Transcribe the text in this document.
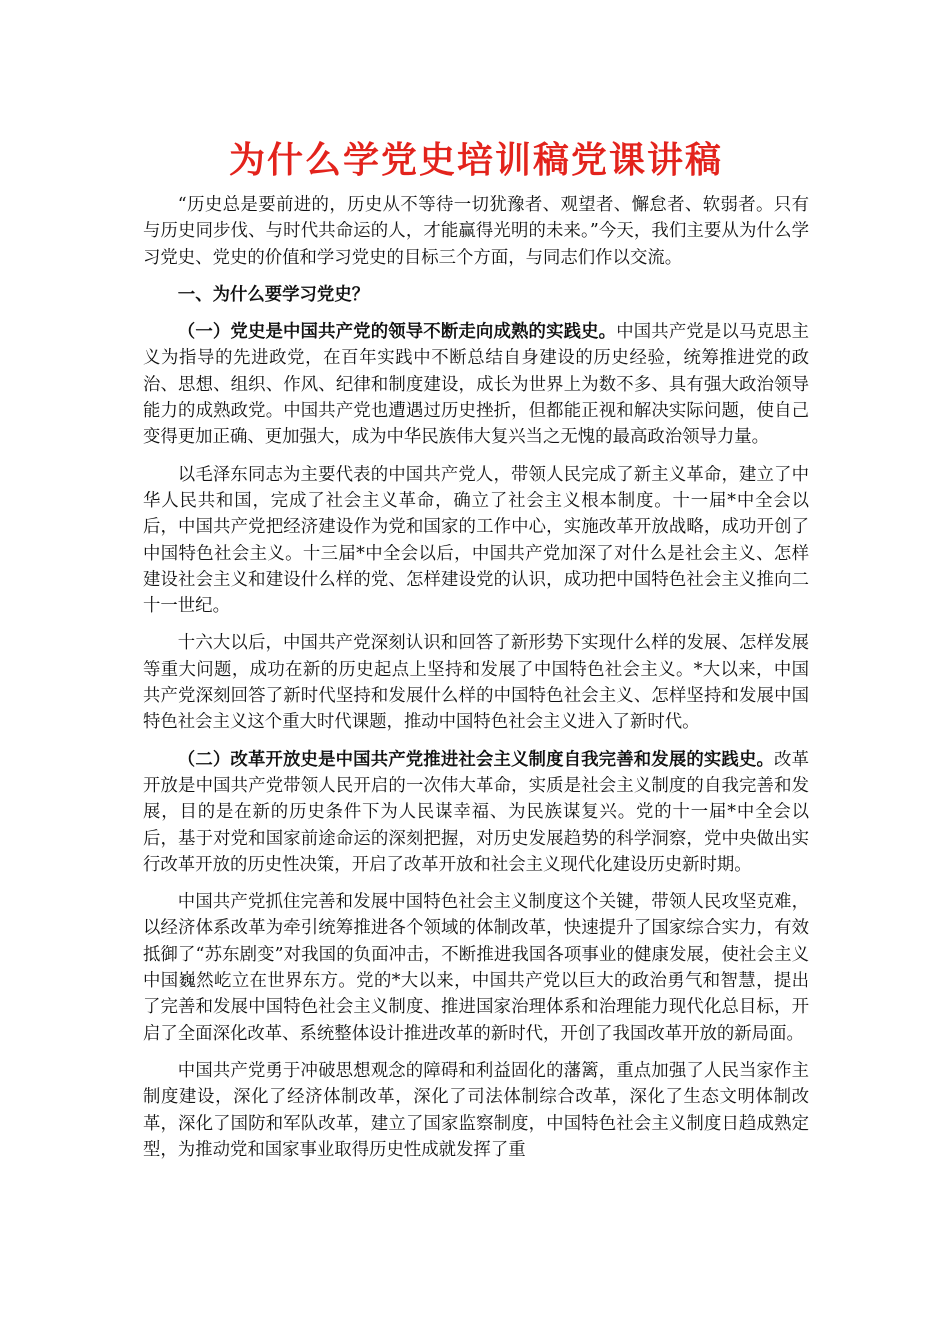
为什么学党史培训稿党课讲稿

“历史总是要前进的，历史从不等待一切犹豫者、观望者、懈怠者、软弱者。只有与历史同步伐、与时代共命运的人，才能赢得光明的未来。”今天，我们主要从为什么学习党史、党史的价值和学习党史的目标三个方面，与同志们作以交流。

一、为什么要学习党史？

（一）党史是中国共产党的领导不断走向成熟的实践史。中国共产党是以马克思主义为指导的先进政党，在百年实践中不断总结自身建设的历史经验，统筹推进党的政治、思想、组织、作风、纪律和制度建设，成长为世界上为数不多、具有强大政治领导能力的成熟政党。中国共产党也遭遇过历史挫折，但都能正视和解决实际问题，使自己变得更加正确、更加强大，成为中华民族伟大复兴当之无愧的最高政治领导力量。

以毛泽东同志为主要代表的中国共产党人，带领人民完成了新主义革命，建立了中华人民共和国，完成了社会主义革命，确立了社会主义根本制度。十一届*中全会以后，中国共产党把经济建设作为党和国家的工作中心，实施改革开放战略，成功开创了中国特色社会主义。十三届*中全会以后，中国共产党加深了对什么是社会主义、怎样建设社会主义和建设什么样的党、怎样建设党的认识，成功把中国特色社会主义推向二十一世纪。

十六大以后，中国共产党深刻认识和回答了新形势下实现什么样的发展、怎样发展等重大问题，成功在新的历史起点上坚持和发展了中国特色社会主义。*大以来，中国共产党深刻回答了新时代坚持和发展什么样的中国特色社会主义、怎样坚持和发展中国特色社会主义这个重大时代课题，推动中国特色社会主义进入了新时代。

（二）改革开放史是中国共产党推进社会主义制度自我完善和发展的实践史。改革开放是中国共产党带领人民开启的一次伟大革命，实质是社会主义制度的自我完善和发展，目的是在新的历史条件下为人民谋幸福、为民族谋复兴。党的十一届*中全会以后，基于对党和国家前途命运的深刻把握，对历史发展趋势的科学洞察，党中央做出实行改革开放的历史性决策，开启了改革开放和社会主义现代化建设历史新时期。

中国共产党抓住完善和发展中国特色社会主义制度这个关键，带领人民攻坚克难，以经济体系改革为牵引统筹推进各个领域的体制改革，快速提升了国家综合实力，有效抵御了“苏东剧变”对我国的负面冲击，不断推进我国各项事业的健康发展，使社会主义中国巍然屹立在世界东方。党的*大以来，中国共产党以巨大的政治勇气和智慧，提出了完善和发展中国特色社会主义制度、推进国家治理体系和治理能力现代化总目标，开启了全面深化改革、系统整体设计推进改革的新时代，开创了我国改革开放的新局面。

中国共产党勇于冲破思想观念的障碍和利益固化的藩篱，重点加强了人民当家作主制度建设，深化了经济体制改革，深化了司法体制综合改革，深化了生态文明体制改革，深化了国防和军队改革，建立了国家监察制度，中国特色社会主义制度日趋成熟定型，为推动党和国家事业取得历史性成就发挥了重
